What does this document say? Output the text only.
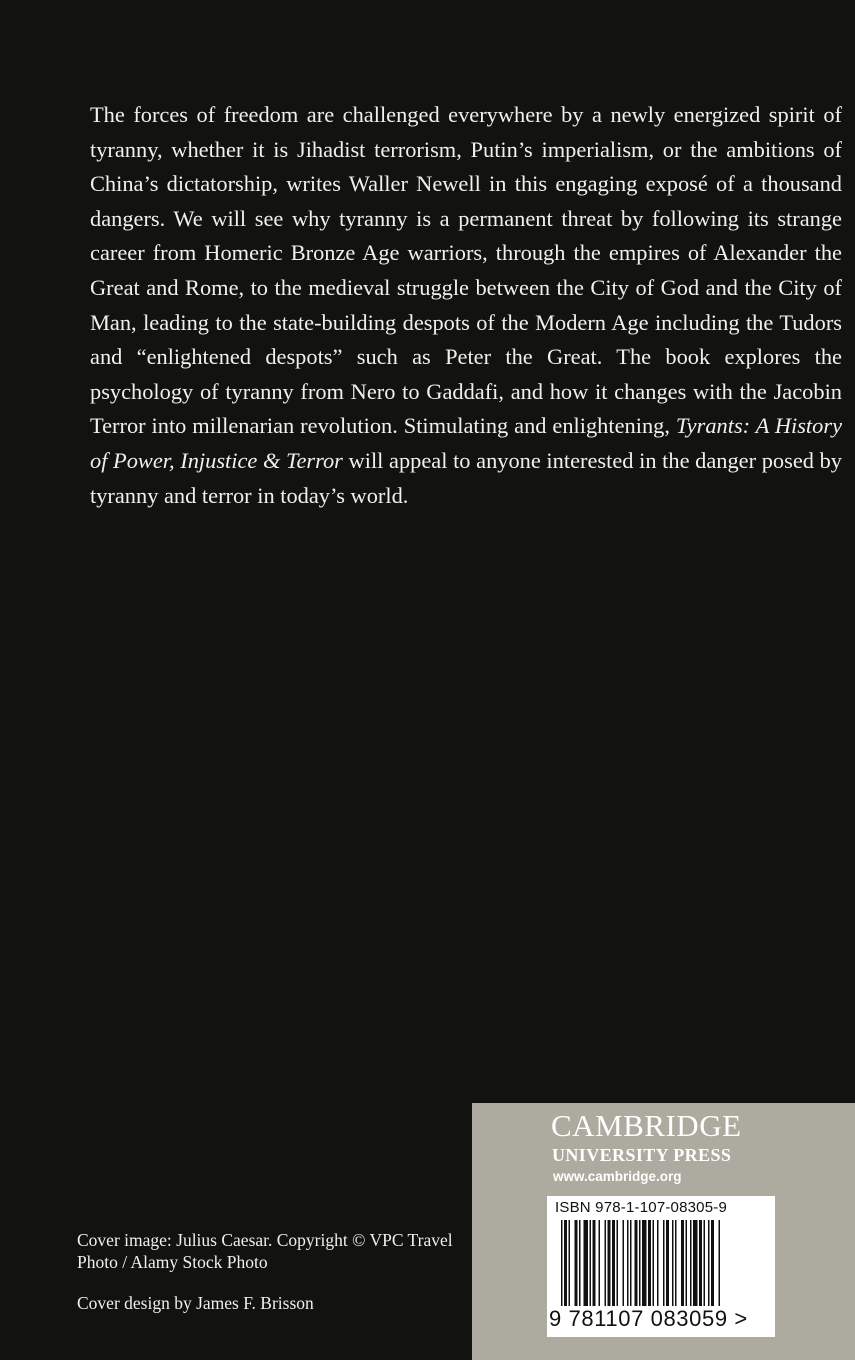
The forces of freedom are challenged everywhere by a newly energized spirit of tyranny, whether it is Jihadist terrorism, Putin’s imperialism, or the ambitions of China’s dictatorship, writes Waller Newell in this engaging exposé of a thousand dangers. We will see why tyranny is a permanent threat by following its strange career from Homeric Bronze Age warriors, through the empires of Alexander the Great and Rome, to the medieval struggle between the City of God and the City of Man, leading to the state-building despots of the Modern Age including the Tudors and “enlightened despots” such as Peter the Great. The book explores the psychology of tyranny from Nero to Gaddafi, and how it changes with the Jacobin Terror into millenarian revolution. Stimulating and enlightening, Tyrants: A History of Power, Injustice & Terror will appeal to anyone interested in the danger posed by tyranny and terror in today’s world.

Cover image: Julius Caesar. Copyright © VPC Travel Photo / Alamy Stock Photo

Cover design by James F. Brisson

CAMBRIDGE
UNIVERSITY PRESS
www.cambridge.org
ISBN 978-1-107-08305-9
9 781107 083059 >
